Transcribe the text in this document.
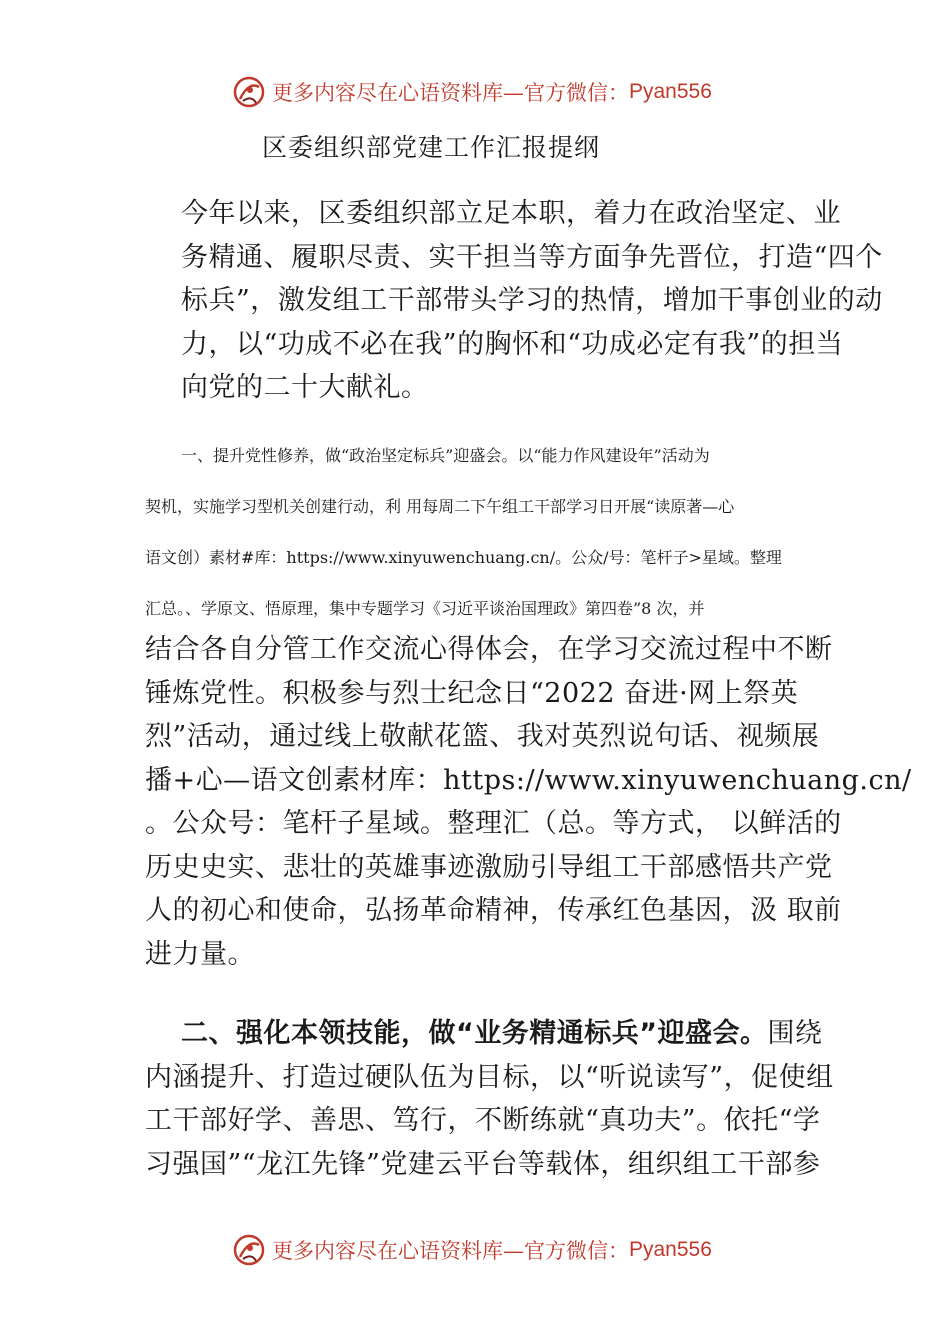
更多内容尽在心语资料库—官方微信： Pyan556
区委组织部党建工作汇报提纲
今年以来，区委组织部立足本职，着力在政治坚定、业
务精通、履职尽责、实干担当等方面争先晋位，打造“四个
标兵”，激发组工干部带头学习的热情，增加干事创业的动
力，以“功成不必在我”的胸怀和“功成必定有我”的担当
向党的二十大献礼。
一、提升党性修养，做“政治坚定标兵”迎盛会。以“能力作风建设年”活动为
契机，实施学习型机关创建行动，利 用每周二下午组工干部学习日开展“读原著—心
语文创）素材#库：https://www.xinyuwenchuang.cn/。公众/号：笔杆子>星域。整理
汇总。、学原文、悟原理，集中专题学习《习近平谈治国理政》第四卷”8 次，并
结合各自分管工作交流心得体会，在学习交流过程中不断
锤炼党性。积极参与烈士纪念日“2022 奋进·网上祭英
烈”活动，通过线上敬献花篮、我对英烈说句话、视频展
播+心—语文创素材库：https://www.xinyuwenchuang.cn/
。公众号：笔杆子星域。整理汇（总。等方式， 以鲜活的
历史史实、悲壮的英雄事迹激励引导组工干部感悟共产党
人的初心和使命，弘扬革命精神，传承红色基因，汲 取前
进力量。
二、强化本领技能，做“业务精通标兵”迎盛会。围绕
内涵提升、打造过硬队伍为目标，以“听说读写”，促使组
工干部好学、善思、笃行，不断练就“真功夫”。依托“学
习强国”“龙江先锋”党建云平台等载体，组织组工干部参
更多内容尽在心语资料库—官方微信： Pyan556
